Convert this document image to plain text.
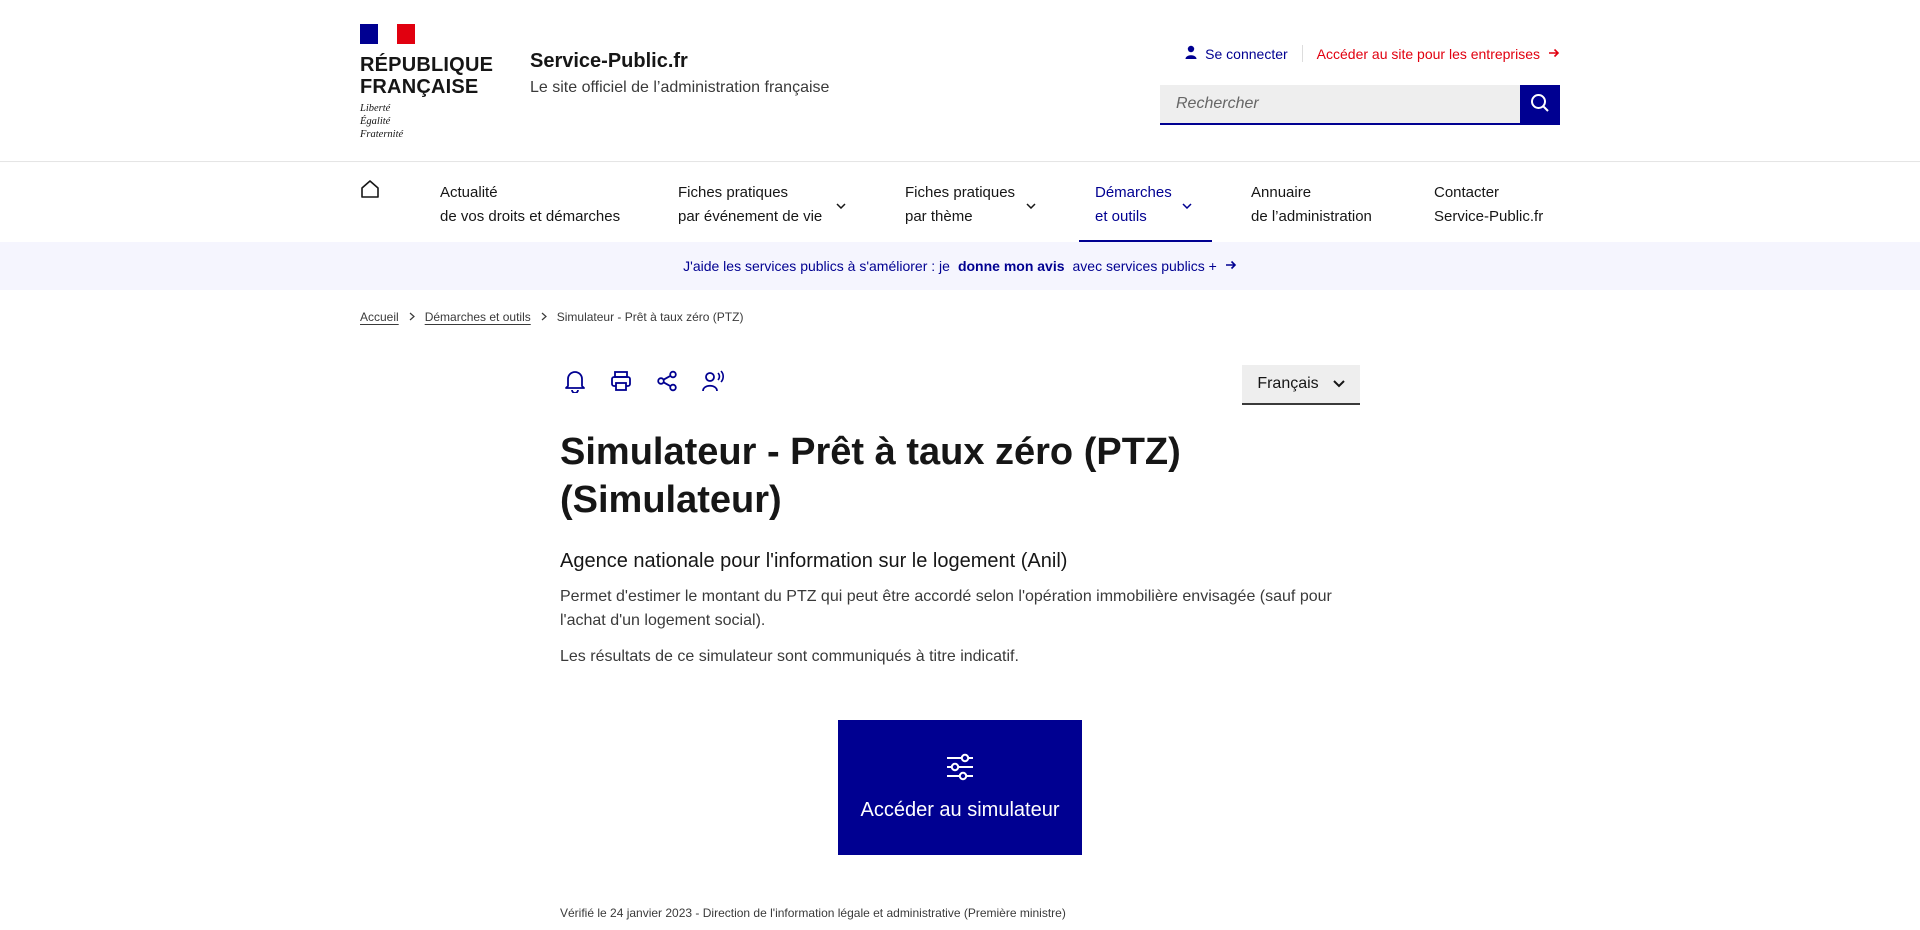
RÉPUBLIQUE
FRANÇAISE
Liberté
Égalité
Fraternité
Service-Public.fr
Le site officiel de l’administration française
Se connecter Accéder au site pour les entreprises
Rechercher
Actualité
de vos droits et démarches
Fiches pratiques
par événement de vie
Fiches pratiques
par thème
Démarches
et outils
Annuaire
de l’administration
Contacter
Service-Public.fr
J'aide les services publics à s'améliorer : je donne mon avis avec services publics +
Accueil Démarches et outils Simulateur - Prêt à taux zéro (PTZ)
Français
Simulateur - Prêt à taux zéro (PTZ) (Simulateur)
Agence nationale pour l'information sur le logement (Anil)

Permet d'estimer le montant du PTZ qui peut être accordé selon l'opération immobilière envisagée (sauf pour l'achat d'un logement social).

Les résultats de ce simulateur sont communiqués à titre indicatif.

Accéder au simulateur
Vérifié le 24 janvier 2023 - Direction de l'information légale et administrative (Première ministre)
